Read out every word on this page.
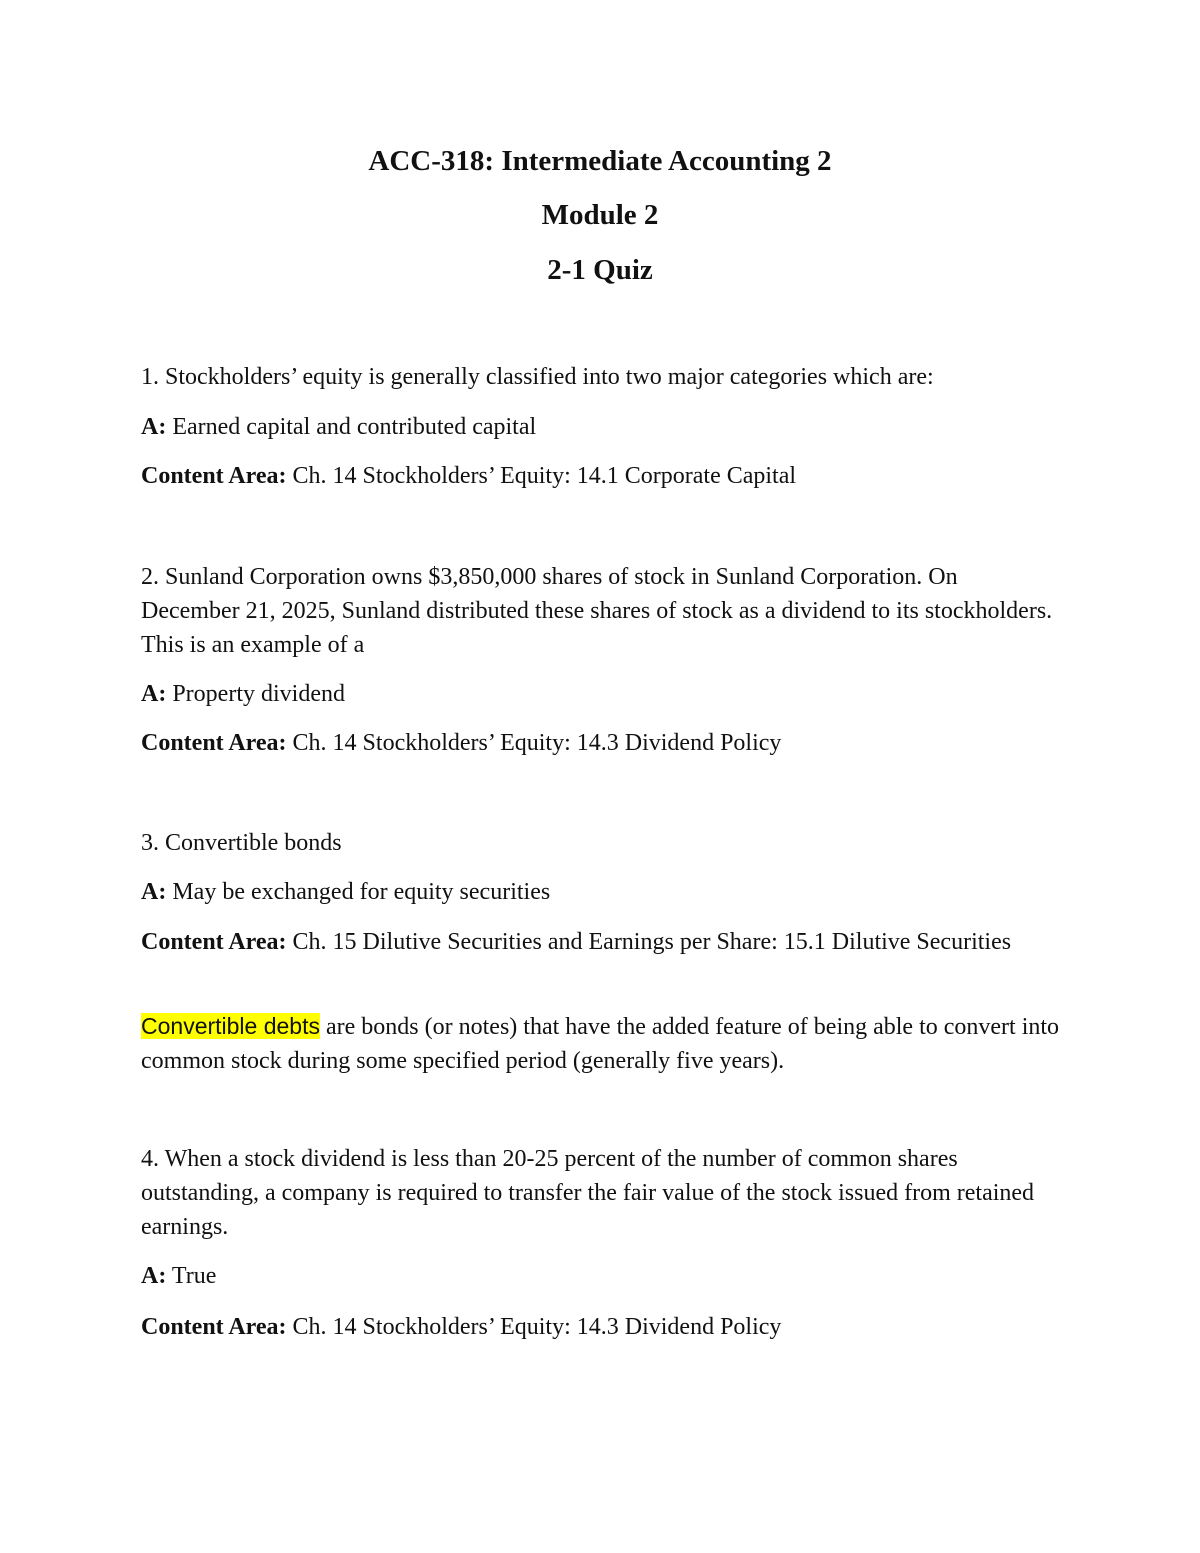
ACC-318: Intermediate Accounting 2
Module 2
2-1 Quiz

1. Stockholders’ equity is generally classified into two major categories which are:

A: Earned capital and contributed capital

Content Area: Ch. 14 Stockholders’ Equity: 14.1 Corporate Capital

2. Sunland Corporation owns $3,850,000 shares of stock in Sunland Corporation. On December 21, 2025, Sunland distributed these shares of stock as a dividend to its stockholders. This is an example of a

A: Property dividend

Content Area: Ch. 14 Stockholders’ Equity: 14.3 Dividend Policy

3. Convertible bonds

A: May be exchanged for equity securities

Content Area: Ch. 15 Dilutive Securities and Earnings per Share: 15.1 Dilutive Securities

Convertible debts are bonds (or notes) that have the added feature of being able to convert into common stock during some specified period (generally five years).

4. When a stock dividend is less than 20-25 percent of the number of common shares outstanding, a company is required to transfer the fair value of the stock issued from retained earnings.

A: True

Content Area: Ch. 14 Stockholders’ Equity: 14.3 Dividend Policy
